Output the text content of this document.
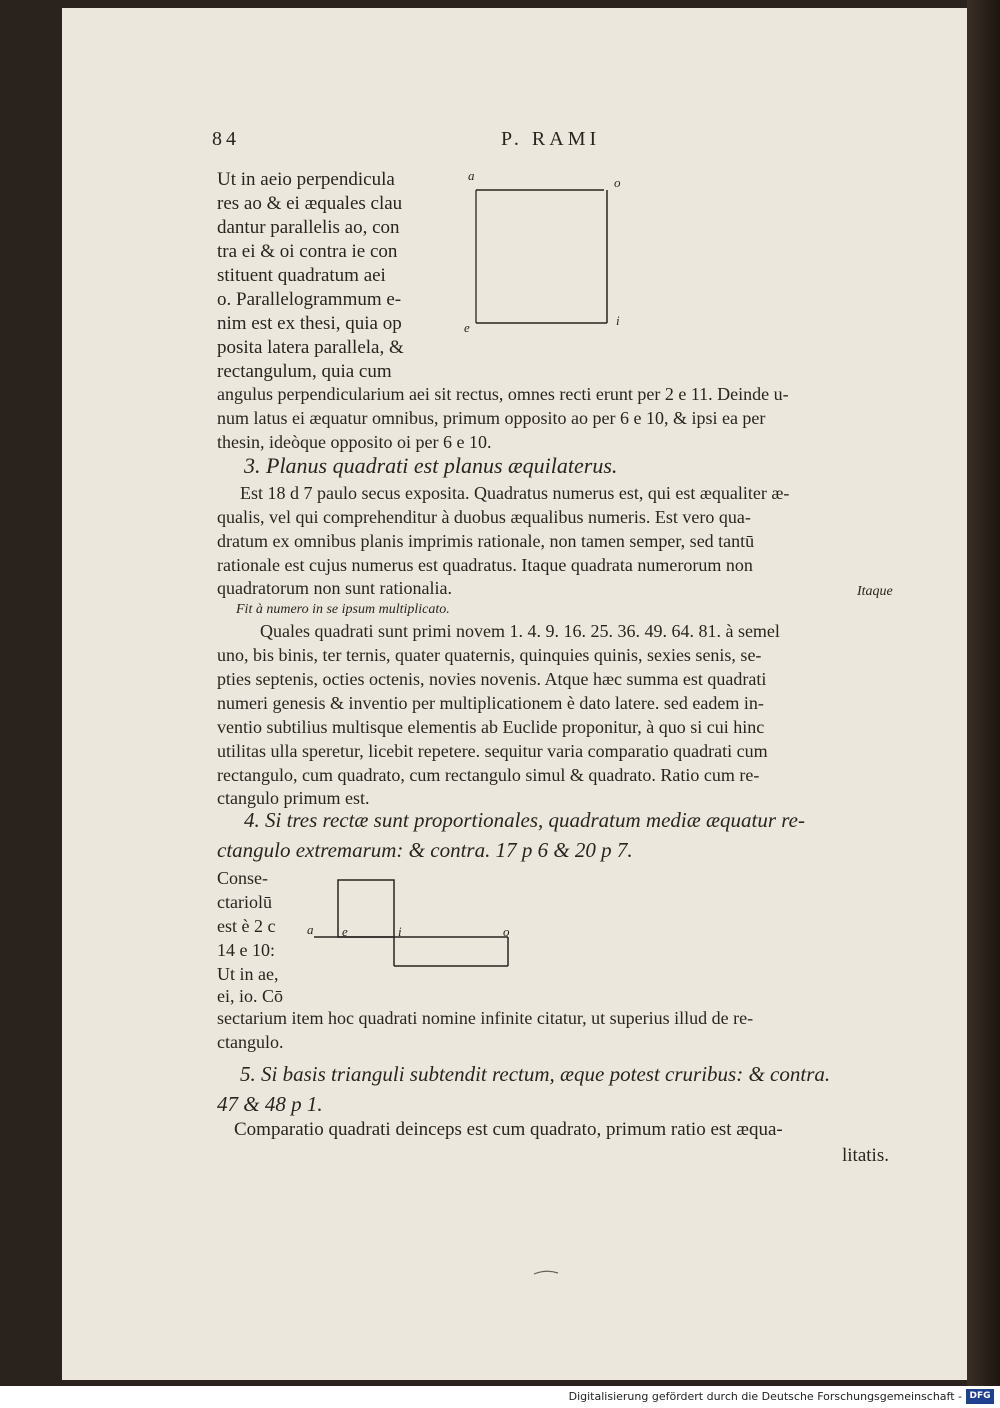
84	P. RAMI
a	o
e	i
Ut in aeio perpendicula
res ao & ei æquales clau
dantur parallelis ao, con
tra ei & oi contra ie con
stituent quadratum aei
o. Parallelogrammum e-
nim est ex thesi, quia op
posita latera parallela, &
rectangulum, quia cum
angulus perpendicularium aei sit rectus, omnes recti erunt per 2 e 11. Deinde u-
num latus ei æquatur omnibus, primum opposito ao per 6 e 10, & ipsi ea per
thesin, ideòque opposito oi per 6 e 10.
3. Planus quadrati est planus æquilaterus.
Est 18 d 7 paulo secus exposita. Quadratus numerus est, qui est æqualiter æ-
qualis, vel qui comprehenditur à duobus æqualibus numeris. Est vero qua-
dratum ex omnibus planis imprimis rationale, non tamen semper, sed tantū
rationale est cujus numerus est quadratus. Itaque quadrata numerorum non
quadratorum non sunt rationalia.	Itaque
Fit à numero in se ipsum multiplicato.
Quales quadrati sunt primi novem 1. 4. 9. 16. 25. 36. 49. 64. 81. à semel
uno, bis binis, ter ternis, quater quaternis, quinquies quinis, sexies senis, se-
pties septenis, octies octenis, novies novenis. Atque hæc summa est quadrati
numeri genesis & inventio per multiplicationem è dato latere. sed eadem in-
ventio subtilius multisque elementis ab Euclide proponitur, à quo si cui hinc
utilitas ulla speretur, licebit repetere. sequitur varia comparatio quadrati cum
rectangulo, cum quadrato, cum rectangulo simul & quadrato. Ratio cum re-
ctangulo primum est.
4. Si tres rectæ sunt proportionales, quadratum mediæ æquatur re-
ctangulo extremarum: & contra. 17 p 6 & 20 p 7.
Conse-
ctariolū
est è 2 c
14 e 10:
Ut in ae,
ei, io. Cō
a e	i	o
sectarium item hoc quadrati nomine infinite citatur, ut superius illud de re-
ctangulo.
5. Si basis trianguli subtendit rectum, æque potest cruribus: & contra.
47 & 48 p 1.
Comparatio quadrati deinceps est cum quadrato, primum ratio est æqua-
litatis.
Digitalisierung gefördert durch die Deutsche Forschungsgemeinschaft - DFG
